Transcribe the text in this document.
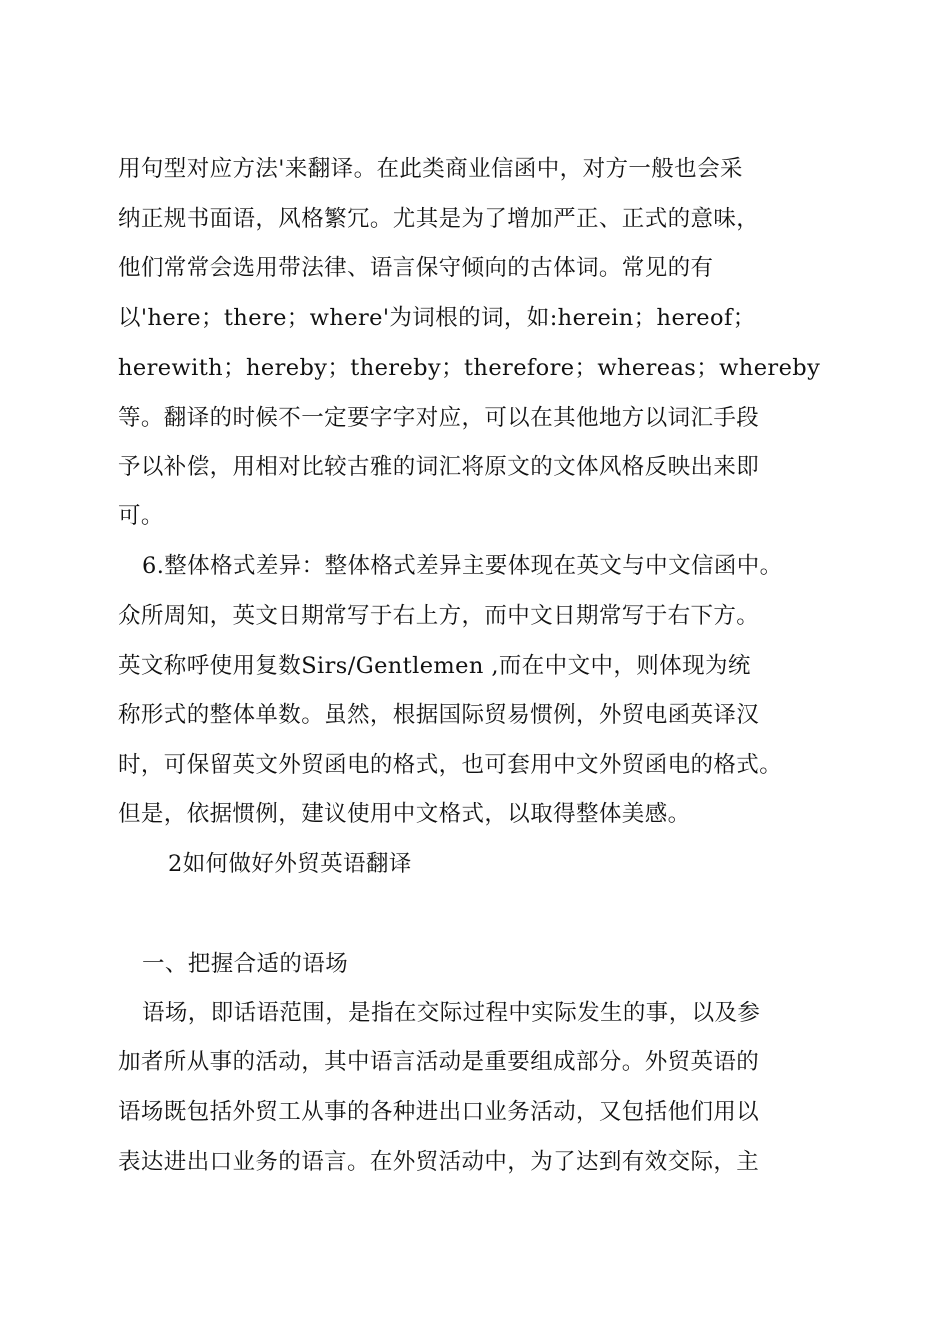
用句型对应方法'来翻译。在此类商业信函中，对方一般也会采
纳正规书面语，风格繁冗。尤其是为了增加严正、正式的意味，
他们常常会选用带法律、语言保守倾向的古体词。常见的有
以'here；there；where'为词根的词，如:herein；hereof；
herewith；hereby；thereby；therefore；whereas；whereby
等。翻译的时候不一定要字字对应，可以在其他地方以词汇手段
予以补偿，用相对比较古雅的词汇将原文的文体风格反映出来即
可。
6.整体格式差异：整体格式差异主要体现在英文与中文信函中。
众所周知，英文日期常写于右上方，而中文日期常写于右下方。
英文称呼使用复数Sirs/Gentlemen ,而在中文中，则体现为统
称形式的整体单数。虽然，根据国际贸易惯例，外贸电函英译汉
时，可保留英文外贸函电的格式，也可套用中文外贸函电的格式。
但是，依据惯例，建议使用中文格式，以取得整体美感。
2如何做好外贸英语翻译
一、把握合适的语场
语场，即话语范围，是指在交际过程中实际发生的事，以及参
加者所从事的活动，其中语言活动是重要组成部分。外贸英语的
语场既包括外贸工从事的各种进出口业务活动，又包括他们用以
表达进出口业务的语言。在外贸活动中，为了达到有效交际，主
